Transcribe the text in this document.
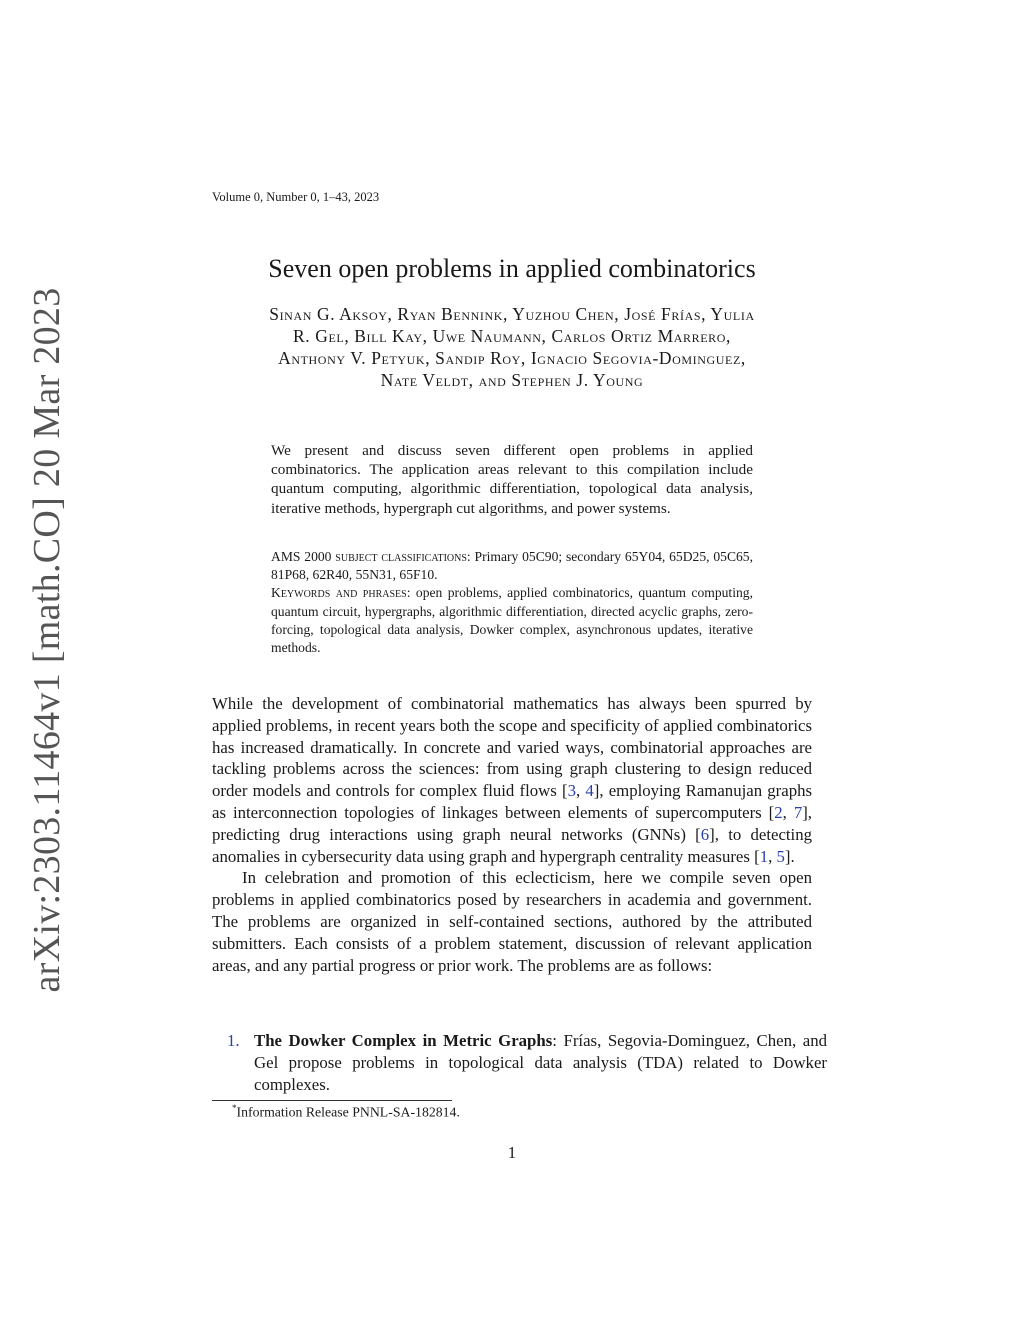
arXiv:2303.11464v1 [math.CO] 20 Mar 2023
Volume 0, Number 0, 1–43, 2023
Seven open problems in applied combinatorics
Sinan G. Aksoy, Ryan Bennink, Yuzhou Chen, José Frías, Yulia
R. Gel, Bill Kay, Uwe Naumann, Carlos Ortiz Marrero,
Anthony V. Petyuk, Sandip Roy, Ignacio Segovia-Dominguez,
Nate Veldt, and Stephen J. Young
We present and discuss seven different open problems in applied combinatorics. The application areas relevant to this compilation include quantum computing, algorithmic differentiation, topological data analysis, iterative methods, hypergraph cut algorithms, and power systems.
AMS 2000 subject classifications: Primary 05C90; secondary 65Y04, 65D25, 05C65, 81P68, 62R40, 55N31, 65F10.
Keywords and phrases: open problems, applied combinatorics, quantum computing, quantum circuit, hypergraphs, algorithmic differentiation, directed acyclic graphs, zero-forcing, topological data analysis, Dowker complex, asynchronous updates, iterative methods.

While the development of combinatorial mathematics has always been spurred by applied problems, in recent years both the scope and specificity of applied combinatorics has increased dramatically. In concrete and varied ways, combinatorial approaches are tackling problems across the sciences: from using graph clustering to design reduced order models and controls for complex fluid flows [3, 4], employing Ramanujan graphs as interconnection topologies of linkages between elements of supercomputers [2, 7], predicting drug interactions using graph neural networks (GNNs) [6], to detecting anomalies in cybersecurity data using graph and hypergraph centrality measures [1, 5].

In celebration and promotion of this eclecticism, here we compile seven open problems in applied combinatorics posed by researchers in academia and government. The problems are organized in self-contained sections, authored by the attributed submitters. Each consists of a problem statement, discussion of relevant application areas, and any partial progress or prior work. The problems are as follows:

1. The Dowker Complex in Metric Graphs: Frías, Segovia-Dominguez, Chen, and Gel propose problems in topological data analysis (TDA) related to Dowker complexes.
*Information Release PNNL-SA-182814.
1
